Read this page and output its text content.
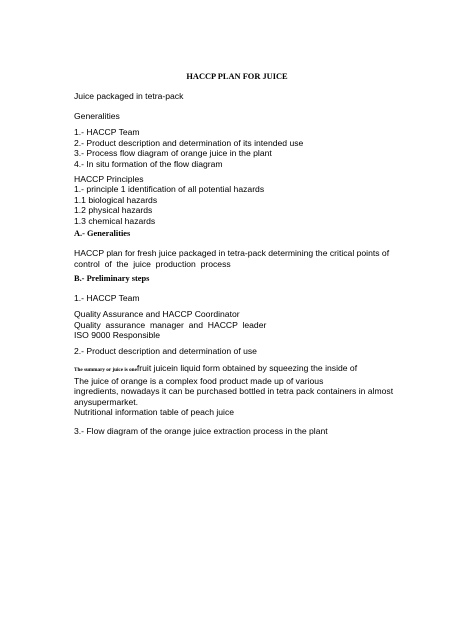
HACCP PLAN FOR JUICE
Juice packaged in tetra-pack
Generalities
1.- HACCP Team
2.- Product description and determination of its intended use
3.- Process flow diagram of orange juice in the plant
4.- In situ formation of the flow diagram
HACCP Principles
1.- principle 1 identification of all potential hazards
1.1 biological hazards
1.2 physical hazards
1.3 chemical hazards
A.- Generalities
HACCP plan for fresh juice packaged in tetra-pack determining the critical points of
control  of  the  juice  production  process
B.- Preliminary steps
1.- HACCP Team
Quality Assurance and HACCP Coordinator
Quality  assurance  manager  and  HACCP  leader
ISO 9000 Responsible
2.- Product description and determination of use
The summary or juice is onefruit juicein liquid form obtained by squeezing the inside of
The juice of orange is a complex food product made up of various
ingredients, nowadays it can be purchased bottled in tetra pack containers in almost
anysupermarket.
Nutritional information table of peach juice
3.- Flow diagram of the orange juice extraction process in the plant
